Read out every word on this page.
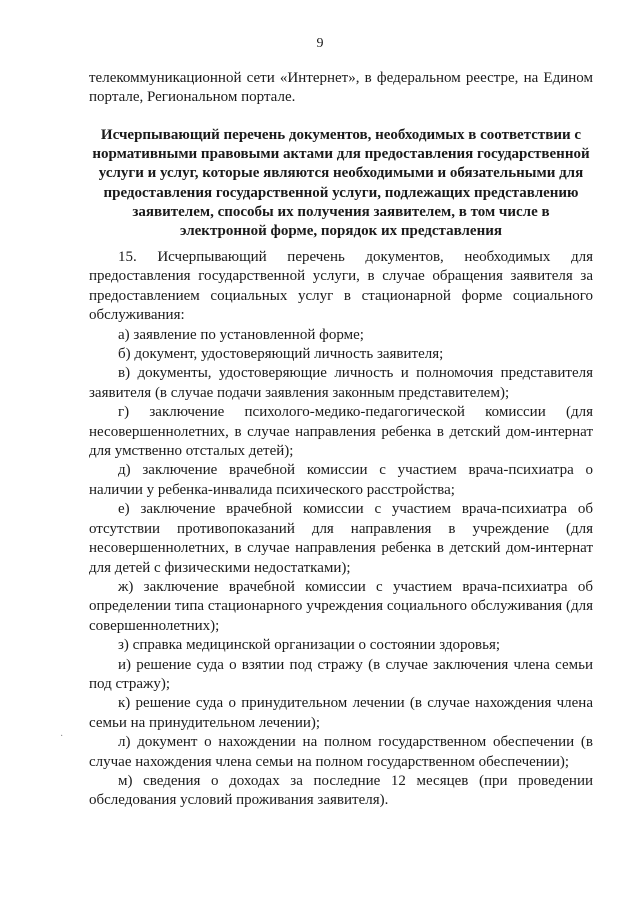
9
телекоммуникационной сети «Интернет», в федеральном реестре, на Едином
портале, Региональном портале.
Исчерпывающий перечень документов, необходимых в соответствии с
нормативными правовыми актами для предоставления государственной
услуги и услуг, которые являются необходимыми и обязательными для
предоставления государственной услуги, подлежащих представлению
заявителем, способы их получения заявителем, в том числе в
электронной форме, порядок их представления
15. Исчерпывающий перечень документов, необходимых для
предоставления государственной услуги, в случае обращения заявителя за
предоставлением социальных услуг в стационарной форме социального
обслуживания:
а) заявление по установленной форме;
б) документ, удостоверяющий личность заявителя;
в) документы, удостоверяющие личность и полномочия представителя
заявителя (в случае подачи заявления законным представителем);
г) заключение психолого-медико-педагогической комиссии (для
несовершеннолетних, в случае направления ребенка в детский дом-интернат
для умственно отсталых детей);
д) заключение врачебной комиссии с участием врача-психиатра о
наличии у ребенка-инвалида психического расстройства;
е) заключение врачебной комиссии с участием врача-психиатра об
отсутствии противопоказаний для направления в учреждение (для
несовершеннолетних, в случае направления ребенка в детский дом-интернат
для детей с физическими недостатками);
ж) заключение врачебной комиссии с участием врача-психиатра об
определении типа стационарного учреждения социального обслуживания (для
совершеннолетних);
з) справка медицинской организации о состоянии здоровья;
и) решение суда о взятии под стражу (в случае заключения члена семьи
под стражу);
к) решение суда о принудительном лечении (в случае нахождения члена
семьи на принудительном лечении);
л) документ о нахождении на полном государственном обеспечении (в
случае нахождения члена семьи на полном государственном обеспечении);
м) сведения о доходах за последние 12 месяцев (при проведении
обследования условий проживания заявителя).
·
